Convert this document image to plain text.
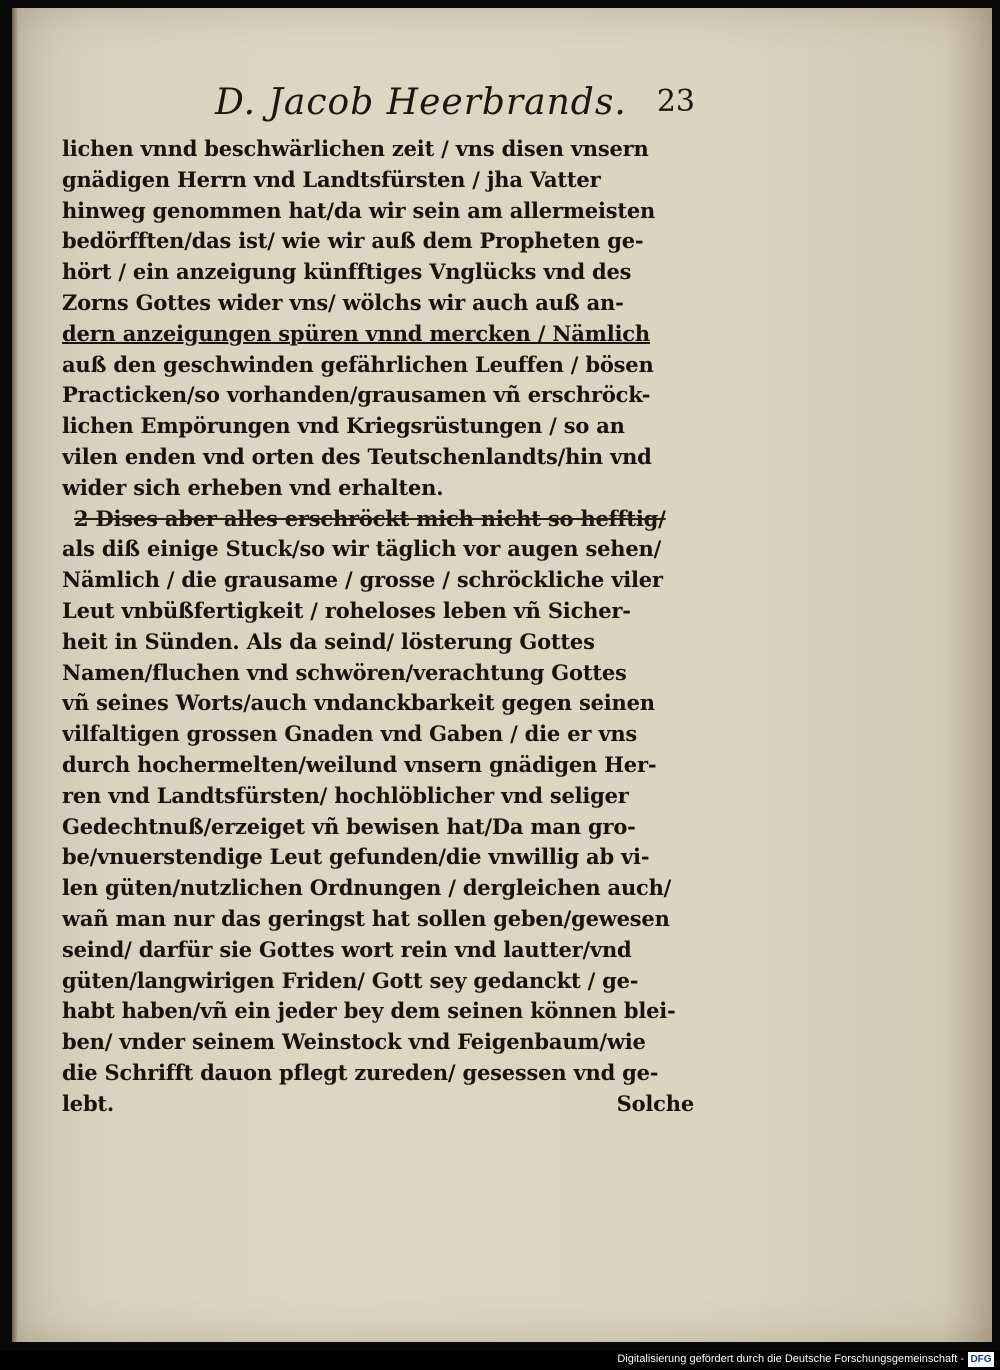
D. Jacob Heerbrands. 23
lichen vnnd beschwärlichen zeit / vns disen vnsern
gnädigen Herrn vnd Landtsfürsten / jha Vatter
hinweg genommen hat/da wir sein am allermeisten
bedörfften/das ist/ wie wir auß dem Propheten ge-
hört / ein anzeigung künfftiges Vnglücks vnd des
Zorns Gottes wider vns/ wölchs wir auch auß an-
dern anzeigungen spüren vnnd mercken / Nämlich
auß den geschwinden gefährlichen Leuffen / bösen
Practicken/so vorhanden/grausamen vñ erschröck-
lichen Empörungen vnd Kriegsrüstungen / so an
vilen enden vnd orten des Teutschenlandts/hin vnd
wider sich erheben vnd erhalten.
2 Dises aber alles erschröckt mich nicht so hefftig/
als diß einige Stuck/so wir täglich vor augen sehen/
Nämlich / die grausame / grosse / schröckliche viler
Leut vnbüßfertigkeit / roheloses leben vñ Sicher-
heit in Sünden. Als da seind/ lösterung Gottes
Namen/fluchen vnd schwören/verachtung Gottes
vñ seines Worts/auch vndanckbarkeit gegen seinen
vilfaltigen grossen Gnaden vnd Gaben / die er vns
durch hochermelten/weilund vnsern gnädigen Her-
ren vnd Landtsfürsten/ hochlöblicher vnd seliger
Gedechtnuß/erzeiget vñ bewisen hat/Da man gro-
be/vnuerstendige Leut gefunden/die vnwillig ab vi-
len güten/nutzlichen Ordnungen / dergleichen auch/
wañ man nur das geringst hat sollen geben/gewesen
seind/ darfür sie Gottes wort rein vnd lautter/vnd
güten/langwirigen Friden/ Gott sey gedanckt / ge-
habt haben/vñ ein jeder bey dem seinen können blei-
ben/ vnder seinem Weinstock vnd Feigenbaum/wie
die Schrifft dauon pflegt zureden/ gesessen vnd ge-
lebt.	Solche
Digitalisierung gefördert durch die Deutsche Forschungsgemeinschaft - DFG
